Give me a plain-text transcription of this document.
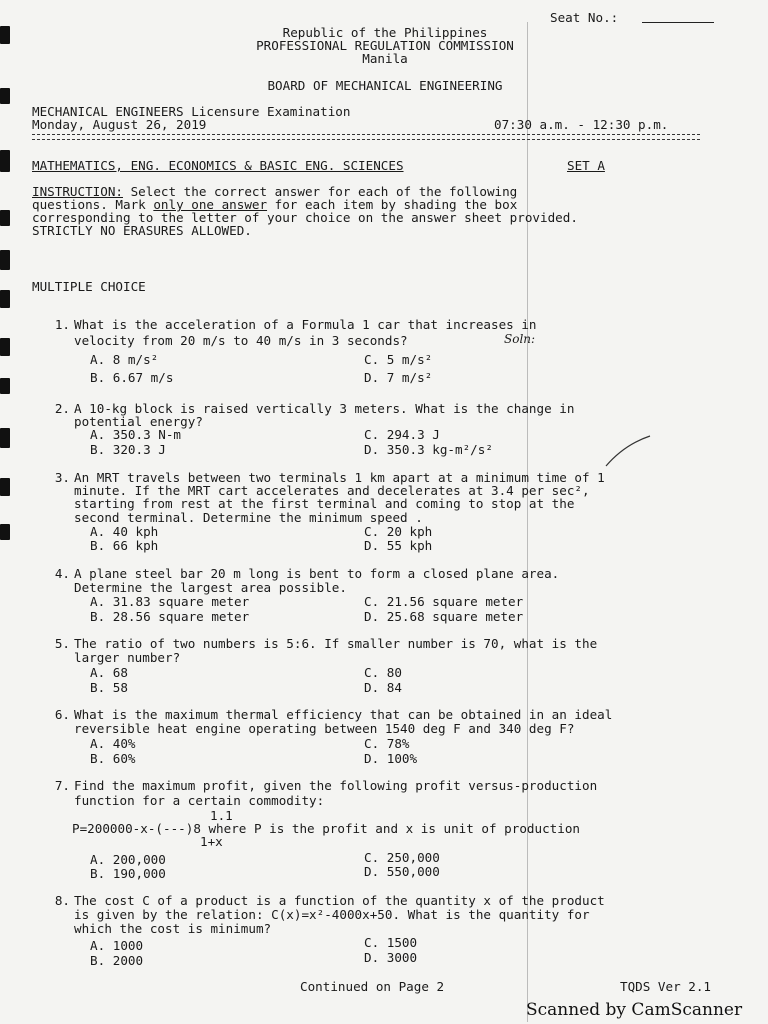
Seat No.:
Republic of the Philippines
PROFESSIONAL REGULATION COMMISSION
Manila
BOARD OF MECHANICAL ENGINEERING
MECHANICAL ENGINEERS Licensure Examination
Monday, August 26, 2019	07:30 a.m. - 12:30 p.m.
MATHEMATICS, ENG. ECONOMICS & BASIC ENG. SCIENCES	SET A
INSTRUCTION: Select the correct answer for each of the following
questions. Mark only one answer for each item by shading the box
corresponding to the letter of your choice on the answer sheet provided.
STRICTLY NO ERASURES ALLOWED.
MULTIPLE CHOICE
1. What is the acceleration of a Formula 1 car that increases in
velocity from 20 m/s to 40 m/s in 3 seconds?	Soln:
A. 8 m/s²
B. 6.67 m/s
C. 5 m/s²
D. 7 m/s²
2. A 10-kg block is raised vertically 3 meters. What is the change in
potential energy?
A. 350.3 N-m
B. 320.3 J
C. 294.3 J
D. 350.3 kg-m²/s²
3. An MRT travels between two terminals 1 km apart at a minimum time of 1
minute. If the MRT cart accelerates and decelerates at 3.4 per sec²,
starting from rest at the first terminal and coming to stop at the
second terminal. Determine the minimum speed .
A. 40 kph
B. 66 kph
C. 20 kph
D. 55 kph
4. A plane steel bar 20 m long is bent to form a closed plane area.
Determine the largest area possible.
A. 31.83 square meter
B. 28.56 square meter
C. 21.56 square meter
D. 25.68 square meter
5. The ratio of two numbers is 5:6. If smaller number is 70, what is the
larger number?
A. 68
B. 58
C. 80
D. 84
6. What is the maximum thermal efficiency that can be obtained in an ideal
reversible heat engine operating between 1540 deg F and 340 deg F?
A. 40%
B. 60%
C. 78%
D. 100%
7. Find the maximum profit, given the following profit versus-production
function for a certain commodity:
1.1
P=200000-x-(---)8 where P is the profit and x is unit of production
1+x
A. 200,000
B. 190,000
C. 250,000
D. 550,000
8. The cost C of a product is a function of the quantity x of the product
is given by the relation: C(x)=x²-4000x+50. What is the quantity for
which the cost is minimum?
A. 1000
B. 2000
C. 1500
D. 3000
Continued on Page 2	TQDS Ver 2.1
Scanned by CamScanner
